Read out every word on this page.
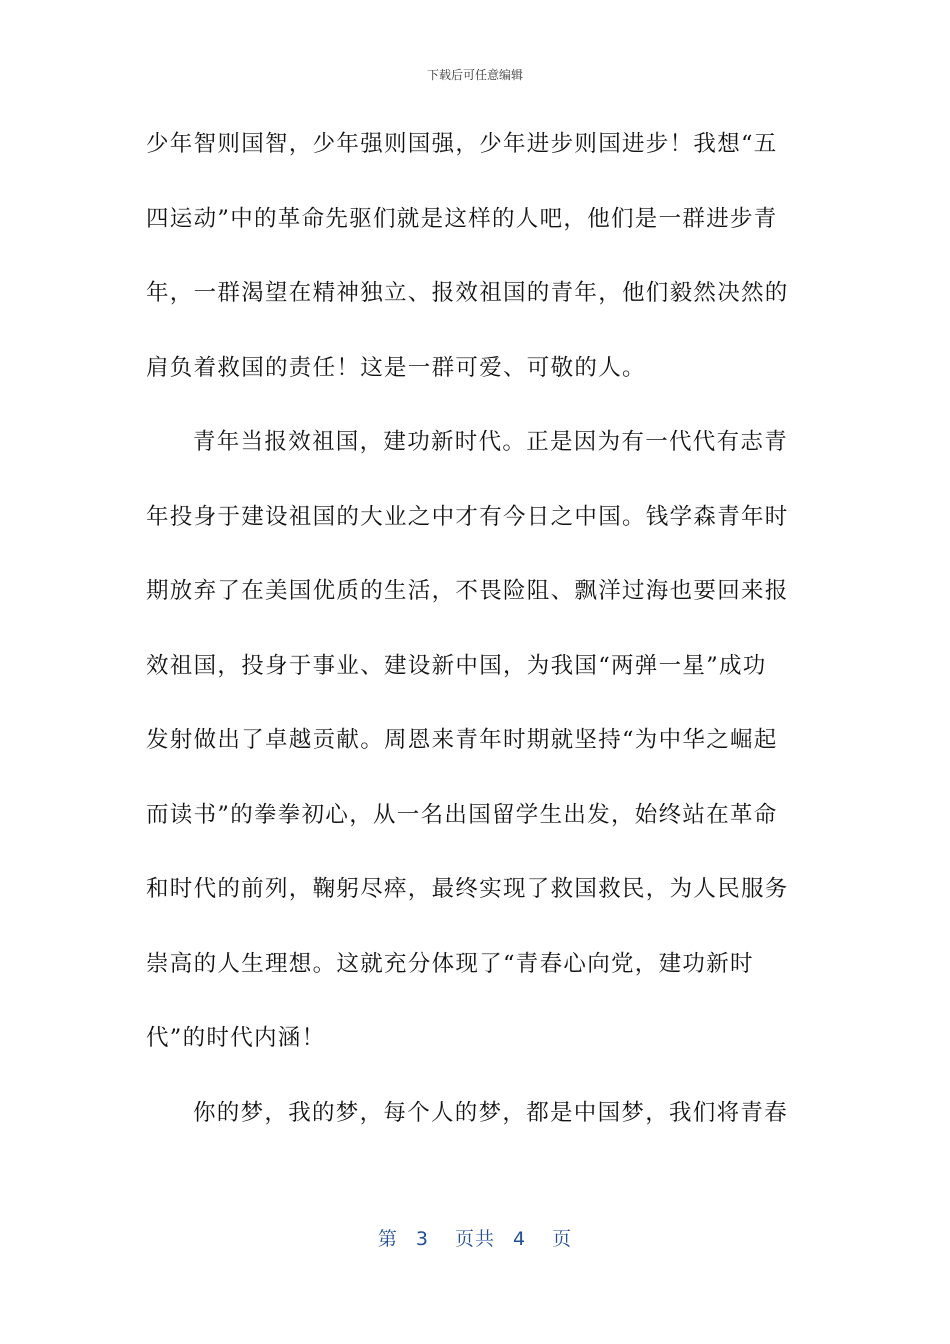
下载后可任意编辑
少年智则国智，少年强则国强，少年进步则国进步！我想“五
四运动”中的革命先驱们就是这样的人吧，他们是一群进步青
年，一群渴望在精神独立、报效祖国的青年，他们毅然决然的
肩负着救国的责任！这是一群可爱、可敬的人。
青年当报效祖国，建功新时代。正是因为有一代代有志青
年投身于建设祖国的大业之中才有今日之中国。钱学森青年时
期放弃了在美国优质的生活，不畏险阻、飘洋过海也要回来报
效祖国，投身于事业、建设新中国，为我国“两弹一星”成功
发射做出了卓越贡献。周恩来青年时期就坚持“为中华之崛起
而读书”的拳拳初心，从一名出国留学生出发，始终站在革命
和时代的前列，鞠躬尽瘁，最终实现了救国救民，为人民服务
崇高的人生理想。这就充分体现了“青春心向党，建功新时
代”的时代内涵！
你的梦，我的梦，每个人的梦，都是中国梦，我们将青春
第 3 页共 4 页
